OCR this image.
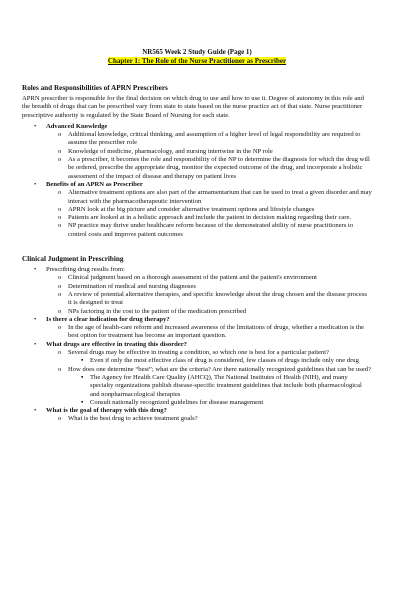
NR565 Week 2 Study Guide (Page 1)
Chapter 1: The Role of the Nurse Practitioner as Prescriber
Roles and Responsibilities of APRN Prescribers
APRN prescriber is responsible for the final decision on which drug to use and how to use it. Degree of autonomy in this role and the breadth of drugs that can be prescribed vary from state to state based on the nurse practice act of that state. Nurse practitioner prescriptive authority is regulated by the State Board of Nursing for each state.
• Advanced Knowledge
o Additional knowledge, critical thinking, and assumption of a higher level of legal responsibility are required to assume the prescriber role
o Knowledge of medicine, pharmacology, and nursing intertwine in the NP role
o As a prescriber, it becomes the role and responsibility of the NP to determine the diagnosis for which the drug will be ordered, prescribe the appropriate drug, monitor the expected outcome of the drug, and incorporate a holistic assessment of the impact of disease and therapy on patient lives
• Benefits of an APRN as Prescriber
o Alternative treatment options are also part of the armamentarium that can be used to treat a given disorder and may interact with the pharmacotherapeutic intervention
o APRN look at the big picture and consider alternative treatment options and lifestyle changes
o Patients are looked at in a holistic approach and include the patient in decision making regarding their care.
o NP practice may thrive under healthcare reform because of the demonstrated ability of nurse practitioners to control costs and improve patient outcomes
Clinical Judgment in Prescribing
• Prescribing drug results from:
o Clinical judgment based on a thorough assessment of the patient and the patient's environment
o Determination of medical and nursing diagnoses
o A review of potential alternative therapies, and specific knowledge about the drug chosen and the disease process it is designed to treat
o NPs factoring in the cost to the patient of the medication prescribed
• Is there a clear indication for drug therapy?
o In the age of health-care reform and increased awareness of the limitations of drugs, whether a medication is the best option for treatment has become an important question.
• What drugs are effective in treating this disorder?
o Several drugs may be effective in treating a condition, so which one is best for a particular patient?
▪ Even if only the most effective class of drug is considered, few classes of drugs include only one drug
o How does one determine “best”; what are the criteria? Are there nationally recognized guidelines that can be used?
▪ The Agency for Health Care Quality (AHCQ), The National Institutes of Health (NIH), and many specialty organizations publish disease-specific treatment guidelines that include both pharmacological and nonpharmacological therapies
▪ Consult nationally recognized guidelines for disease management
• What is the goal of therapy with this drug?
o What is the best drug to achieve treatment goals?
